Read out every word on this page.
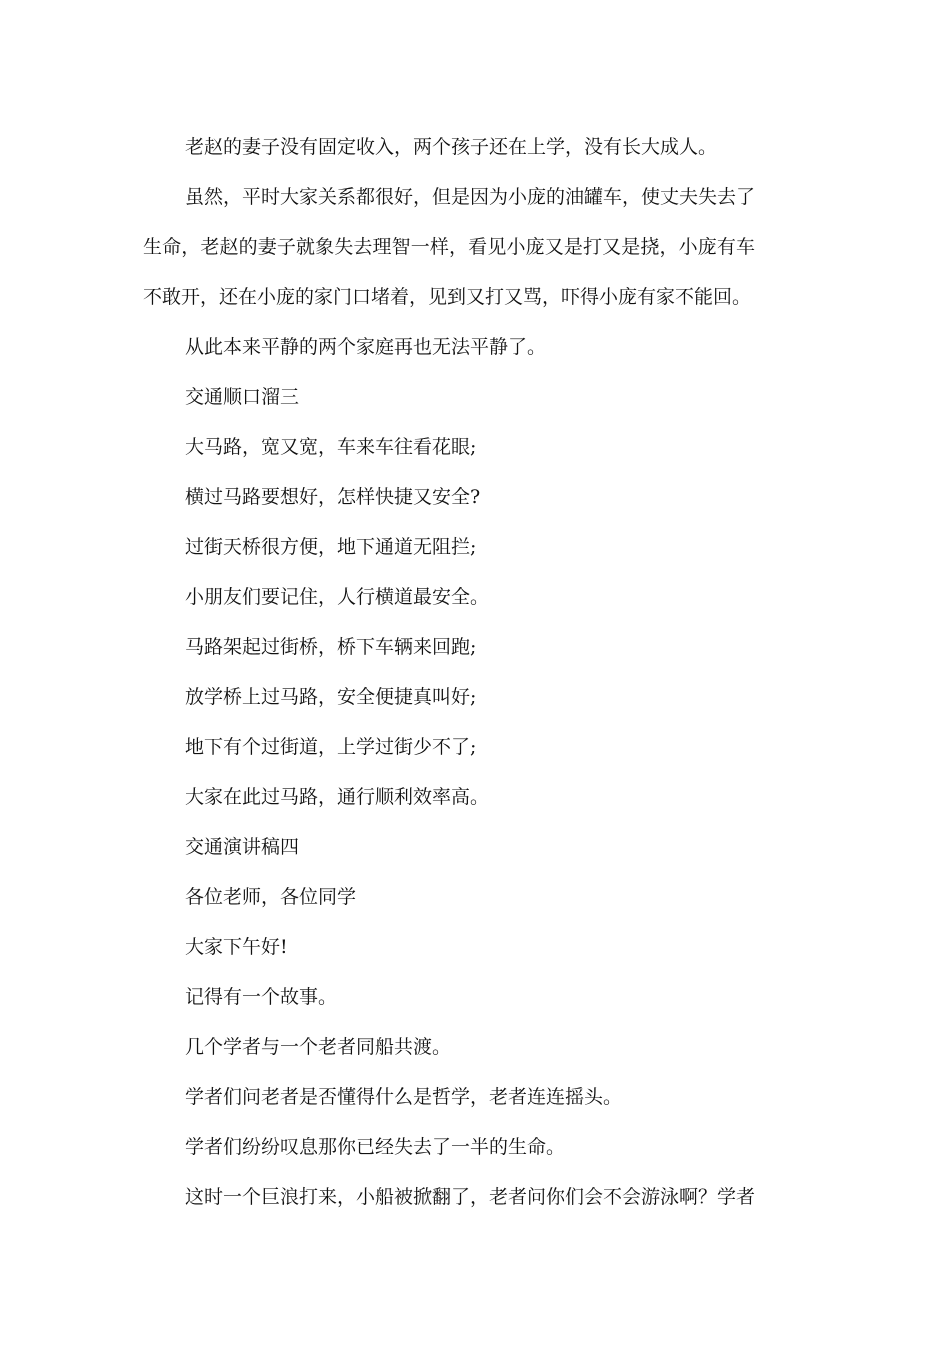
老赵的妻子没有固定收入，两个孩子还在上学，没有长大成人。

虽然，平时大家关系都很好，但是因为小庞的油罐车，使丈夫失去了生命，老赵的妻子就象失去理智一样，看见小庞又是打又是挠，小庞有车不敢开，还在小庞的家门口堵着，见到又打又骂，吓得小庞有家不能回。

从此本来平静的两个家庭再也无法平静了。

交通顺口溜三

大马路，宽又宽，车来车往看花眼;

横过马路要想好，怎样快捷又安全?

过街天桥很方便，地下通道无阻拦;

小朋友们要记住，人行横道最安全。

马路架起过街桥，桥下车辆来回跑;

放学桥上过马路，安全便捷真叫好;

地下有个过街道，上学过街少不了;

大家在此过马路，通行顺利效率高。

交通演讲稿四

各位老师，各位同学

大家下午好!

记得有一个故事。

几个学者与一个老者同船共渡。

学者们问老者是否懂得什么是哲学，老者连连摇头。

学者们纷纷叹息那你已经失去了一半的生命。

这时一个巨浪打来，小船被掀翻了，老者问你们会不会游泳啊？学者
